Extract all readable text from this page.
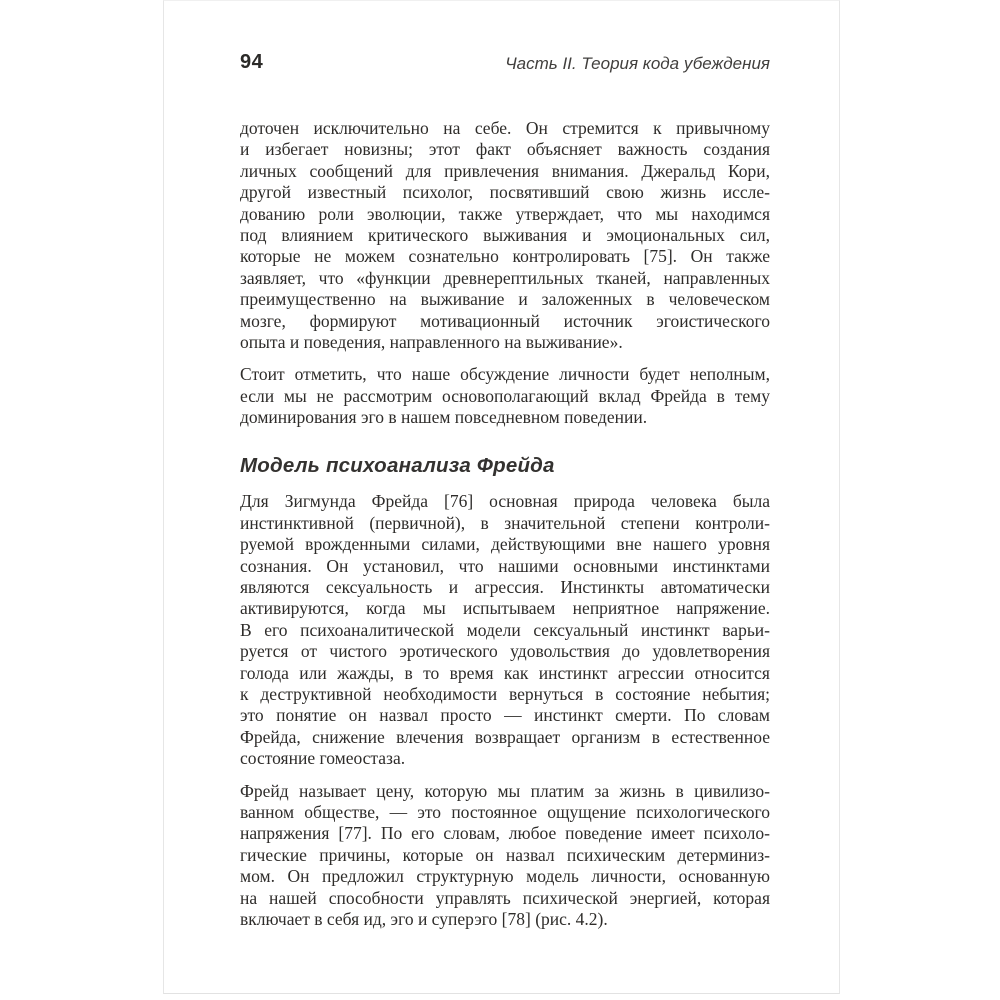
94	Часть II. Теория кода убеждения
доточен исключительно на себе. Он стремится к привычному
и избегает новизны; этот факт объясняет важность создания
личных сообщений для привлечения внимания. Джеральд Кори,
другой известный психолог, посвятивший свою жизнь иссле-
дованию роли эволюции, также утверждает, что мы находимся
под влиянием критического выживания и эмоциональных сил,
которые не можем сознательно контролировать [75]. Он также
заявляет, что «функции древнерептильных тканей, направленных
преимущественно на выживание и заложенных в человеческом
мозге, формируют мотивационный источник эгоистического
опыта и поведения, направленного на выживание».
Стоит отметить, что наше обсуждение личности будет неполным,
если мы не рассмотрим основополагающий вклад Фрейда в тему
доминирования эго в нашем повседневном поведении.
Модель психоанализа Фрейда
Для Зигмунда Фрейда [76] основная природа человека была
инстинктивной (первичной), в значительной степени контроли-
руемой врожденными силами, действующими вне нашего уровня
сознания. Он установил, что нашими основными инстинктами
являются сексуальность и агрессия. Инстинкты автоматически
активируются, когда мы испытываем неприятное напряжение.
В его психоаналитической модели сексуальный инстинкт варьи-
руется от чистого эротического удовольствия до удовлетворения
голода или жажды, в то время как инстинкт агрессии относится
к деструктивной необходимости вернуться в состояние небытия;
это понятие он назвал просто — инстинкт смерти. По словам
Фрейда, снижение влечения возвращает организм в естественное
состояние гомеостаза.
Фрейд называет цену, которую мы платим за жизнь в цивилизо-
ванном обществе, — это постоянное ощущение психологического
напряжения [77]. По его словам, любое поведение имеет психоло-
гические причины, которые он назвал психическим детерминиз-
мом. Он предложил структурную модель личности, основанную
на нашей способности управлять психической энергией, которая
включает в себя ид, эго и суперэго [78] (рис. 4.2).
